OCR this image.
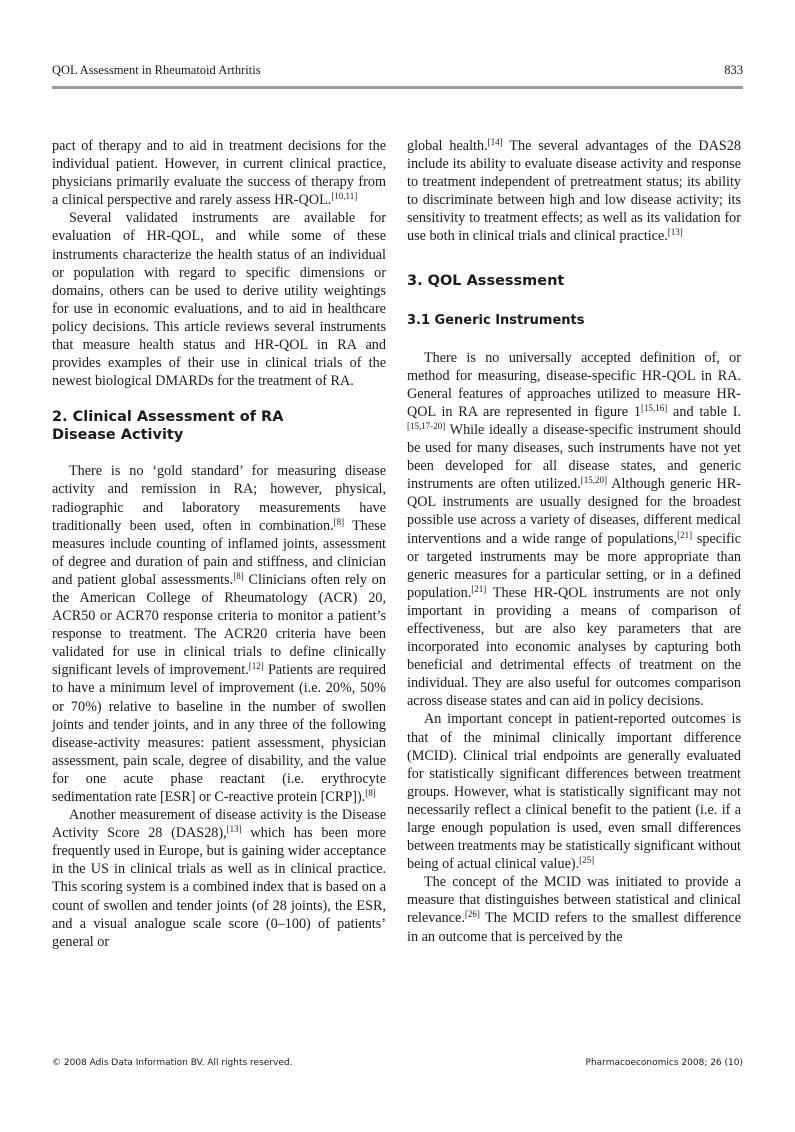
QOL Assessment in Rheumatoid Arthritis	833

pact of therapy and to aid in treatment decisions for the individual patient. However, in current clinical practice, physicians primarily evaluate the success of therapy from a clinical perspective and rarely assess HR-QOL.[10,11]

Several validated instruments are available for evaluation of HR-QOL, and while some of these instruments characterize the health status of an individual or population with regard to specific dimensions or domains, others can be used to derive utility weightings for use in economic evaluations, and to aid in healthcare policy decisions. This article reviews several instruments that measure health status and HR-QOL in RA and provides examples of their use in clinical trials of the newest biological DMARDs for the treatment of RA.

2. Clinical Assessment of RA
Disease Activity

There is no ‘gold standard’ for measuring disease activity and remission in RA; however, physical, radiographic and laboratory measurements have traditionally been used, often in combination.[8] These measures include counting of inflamed joints, assessment of degree and duration of pain and stiffness, and clinician and patient global assessments.[8] Clinicians often rely on the American College of Rheumatology (ACR) 20, ACR50 or ACR70 response criteria to monitor a patient’s response to treatment. The ACR20 criteria have been validated for use in clinical trials to define clinically significant levels of improvement.[12] Patients are required to have a minimum level of improvement (i.e. 20%, 50% or 70%) relative to baseline in the number of swollen joints and tender joints, and in any three of the following disease-activity measures: patient assessment, physician assessment, pain scale, degree of disability, and the value for one acute phase reactant (i.e. erythrocyte sedimentation rate [ESR] or C-reactive protein [CRP]).[8]

Another measurement of disease activity is the Disease Activity Score 28 (DAS28),[13] which has been more frequently used in Europe, but is gaining wider acceptance in the US in clinical trials as well as in clinical practice. This scoring system is a combined index that is based on a count of swollen and tender joints (of 28 joints), the ESR, and a visual analogue scale score (0–100) of patients’ general or

global health.[14] The several advantages of the DAS28 include its ability to evaluate disease activity and response to treatment independent of pretreatment status; its ability to discriminate between high and low disease activity; its sensitivity to treatment effects; as well as its validation for use both in clinical trials and clinical practice.[13]

3. QOL Assessment
3.1 Generic Instruments

There is no universally accepted definition of, or method for measuring, disease-specific HR-QOL in RA. General features of approaches utilized to measure HR-QOL in RA are represented in figure 1[15,16] and table I.[15,17-20] While ideally a disease-specific instrument should be used for many diseases, such instruments have not yet been developed for all disease states, and generic instruments are often utilized.[15,20] Although generic HR-QOL instruments are usually designed for the broadest possible use across a variety of diseases, different medical interventions and a wide range of populations,[21] specific or targeted instruments may be more appropriate than generic measures for a particular setting, or in a defined population.[21] These HR-QOL instruments are not only important in providing a means of comparison of effectiveness, but are also key parameters that are incorporated into economic analyses by capturing both beneficial and detrimental effects of treatment on the individual. They are also useful for outcomes comparison across disease states and can aid in policy decisions.

An important concept in patient-reported outcomes is that of the minimal clinically important difference (MCID). Clinical trial endpoints are generally evaluated for statistically significant differences between treatment groups. However, what is statistically significant may not necessarily reflect a clinical benefit to the patient (i.e. if a large enough population is used, even small differences between treatments may be statistically significant without being of actual clinical value).[25]

The concept of the MCID was initiated to provide a measure that distinguishes between statistical and clinical relevance.[26] The MCID refers to the smallest difference in an outcome that is perceived by the

© 2008 Adis Data Information BV. All rights reserved.	Pharmacoeconomics 2008; 26 (10)
